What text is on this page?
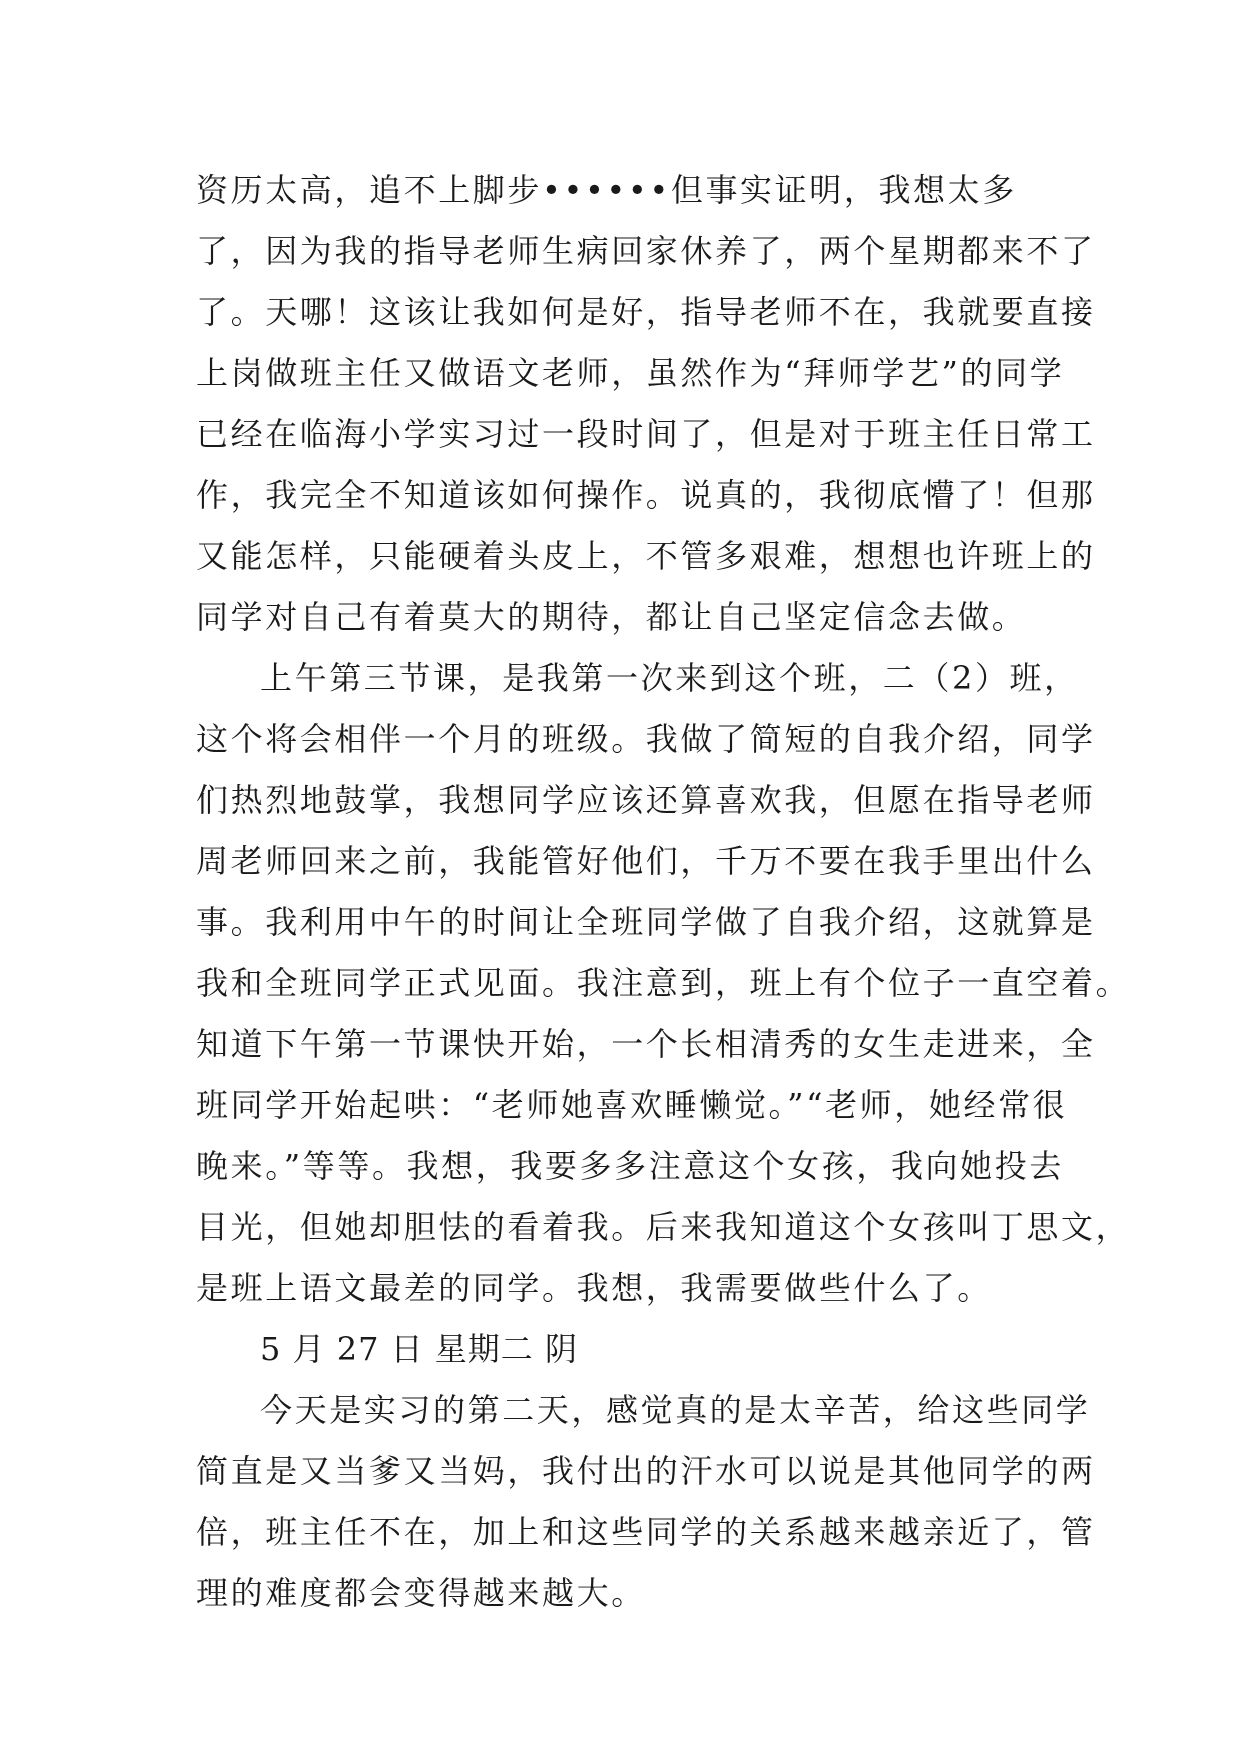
资历太高，追不上脚步••••••但事实证明，我想太多
了，因为我的指导老师生病回家休养了，两个星期都来不了
了。天哪！这该让我如何是好，指导老师不在，我就要直接
上岗做班主任又做语文老师，虽然作为“拜师学艺”的同学
已经在临海小学实习过一段时间了，但是对于班主任日常工
作，我完全不知道该如何操作。说真的，我彻底懵了！但那
又能怎样，只能硬着头皮上，不管多艰难，想想也许班上的
同学对自己有着莫大的期待，都让自己坚定信念去做。
上午第三节课，是我第一次来到这个班，二（2）班，
这个将会相伴一个月的班级。我做了简短的自我介绍，同学
们热烈地鼓掌，我想同学应该还算喜欢我，但愿在指导老师
周老师回来之前，我能管好他们，千万不要在我手里出什么
事。我利用中午的时间让全班同学做了自我介绍，这就算是
我和全班同学正式见面。我注意到，班上有个位子一直空着。
知道下午第一节课快开始，一个长相清秀的女生走进来，全
班同学开始起哄：“老师她喜欢睡懒觉。”“老师，她经常很
晚来。”等等。我想，我要多多注意这个女孩，我向她投去
目光，但她却胆怯的看着我。后来我知道这个女孩叫丁思文，
是班上语文最差的同学。我想，我需要做些什么了。
5 月 27 日 星期二 阴
今天是实习的第二天，感觉真的是太辛苦，给这些同学
简直是又当爹又当妈，我付出的汗水可以说是其他同学的两
倍，班主任不在，加上和这些同学的关系越来越亲近了，管
理的难度都会变得越来越大。
